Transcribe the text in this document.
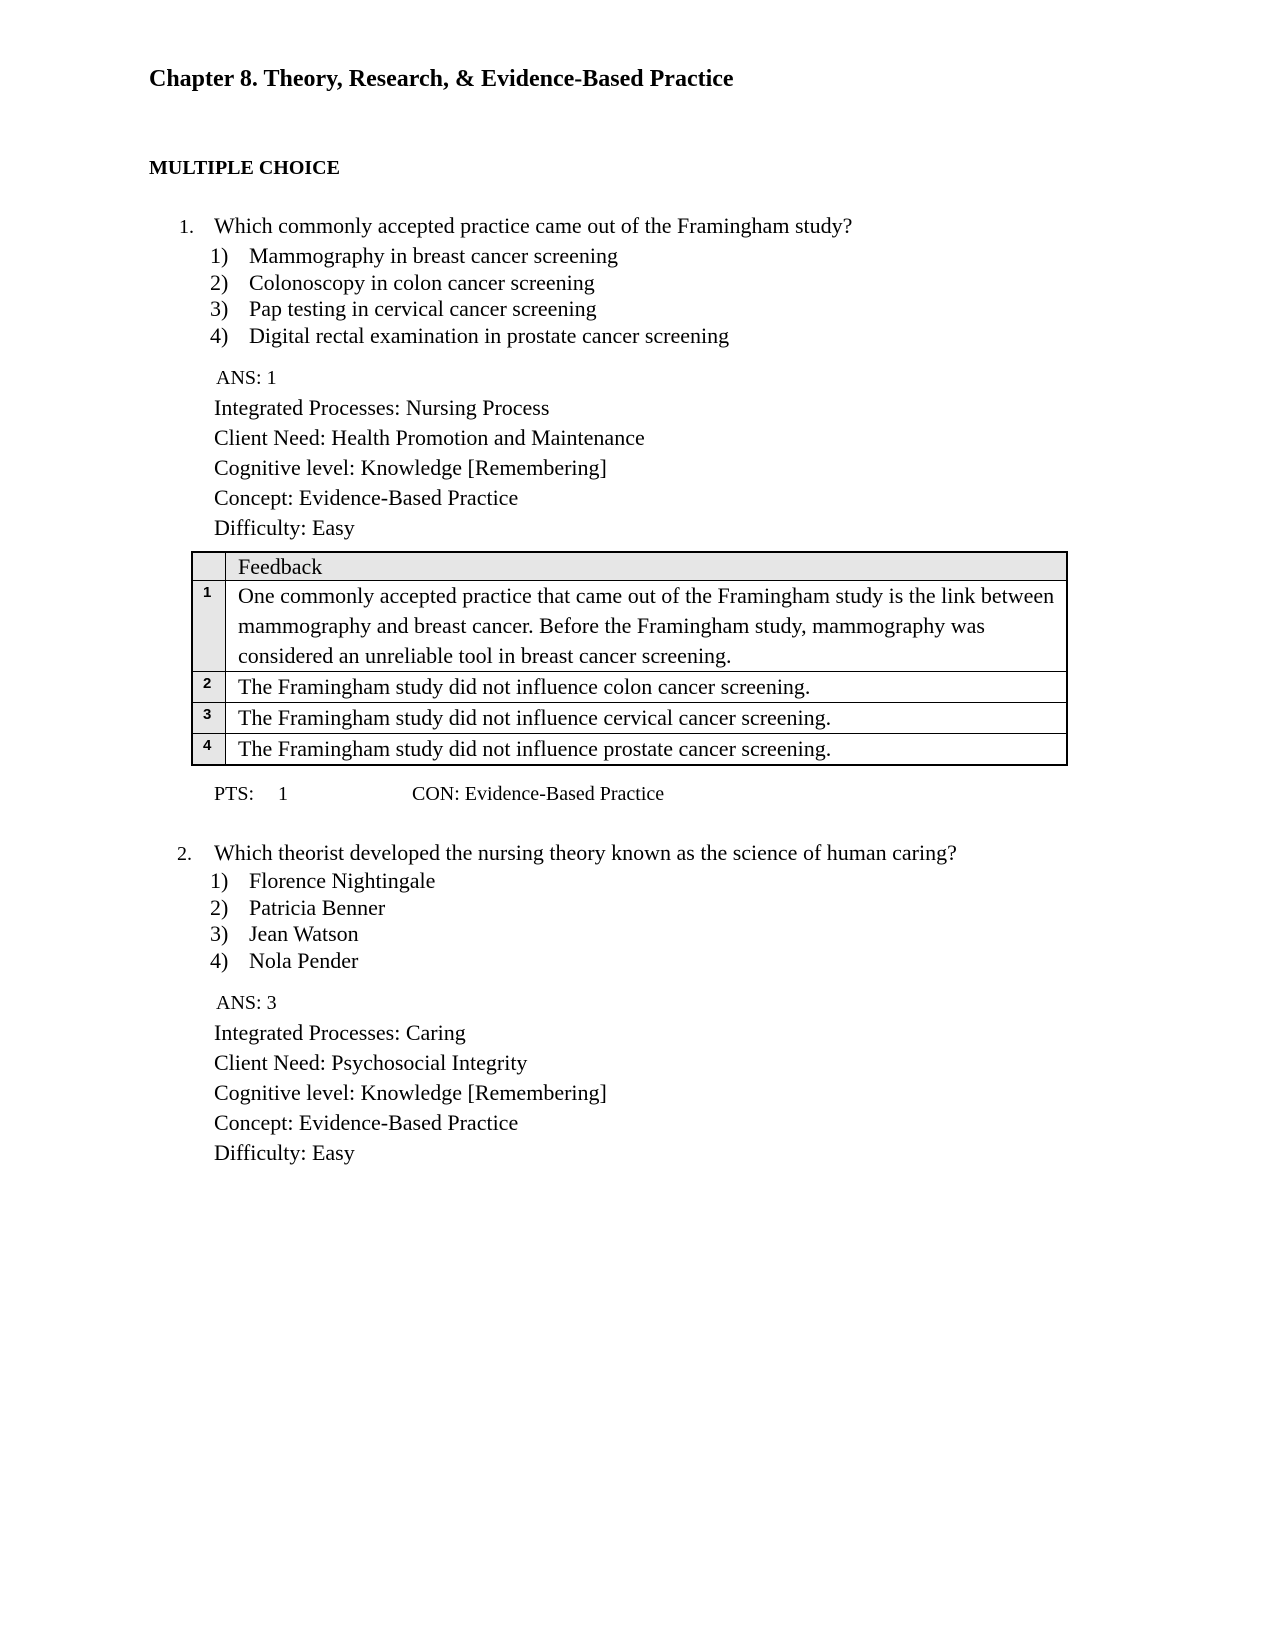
Chapter 8. Theory, Research, & Evidence-Based Practice
MULTIPLE CHOICE
1. Which commonly accepted practice came out of the Framingham study?
1) Mammography in breast cancer screening
2) Colonoscopy in colon cancer screening
3) Pap testing in cervical cancer screening
4) Digital rectal examination in prostate cancer screening
ANS: 1
Integrated Processes: Nursing Process
Client Need: Health Promotion and Maintenance
Cognitive level: Knowledge [Remembering]
Concept: Evidence-Based Practice
Difficulty: Easy
	Feedback
1	One commonly accepted practice that came out of the Framingham study is the link between mammography and breast cancer. Before the Framingham study, mammography was considered an unreliable tool in breast cancer screening.
2	The Framingham study did not influence colon cancer screening.
3	The Framingham study did not influence cervical cancer screening.
4	The Framingham study did not influence prostate cancer screening.
PTS: 1	CON: Evidence-Based Practice
2. Which theorist developed the nursing theory known as the science of human caring?
1) Florence Nightingale
2) Patricia Benner
3) Jean Watson
4) Nola Pender
ANS: 3
Integrated Processes: Caring
Client Need: Psychosocial Integrity
Cognitive level: Knowledge [Remembering]
Concept: Evidence-Based Practice
Difficulty: Easy
